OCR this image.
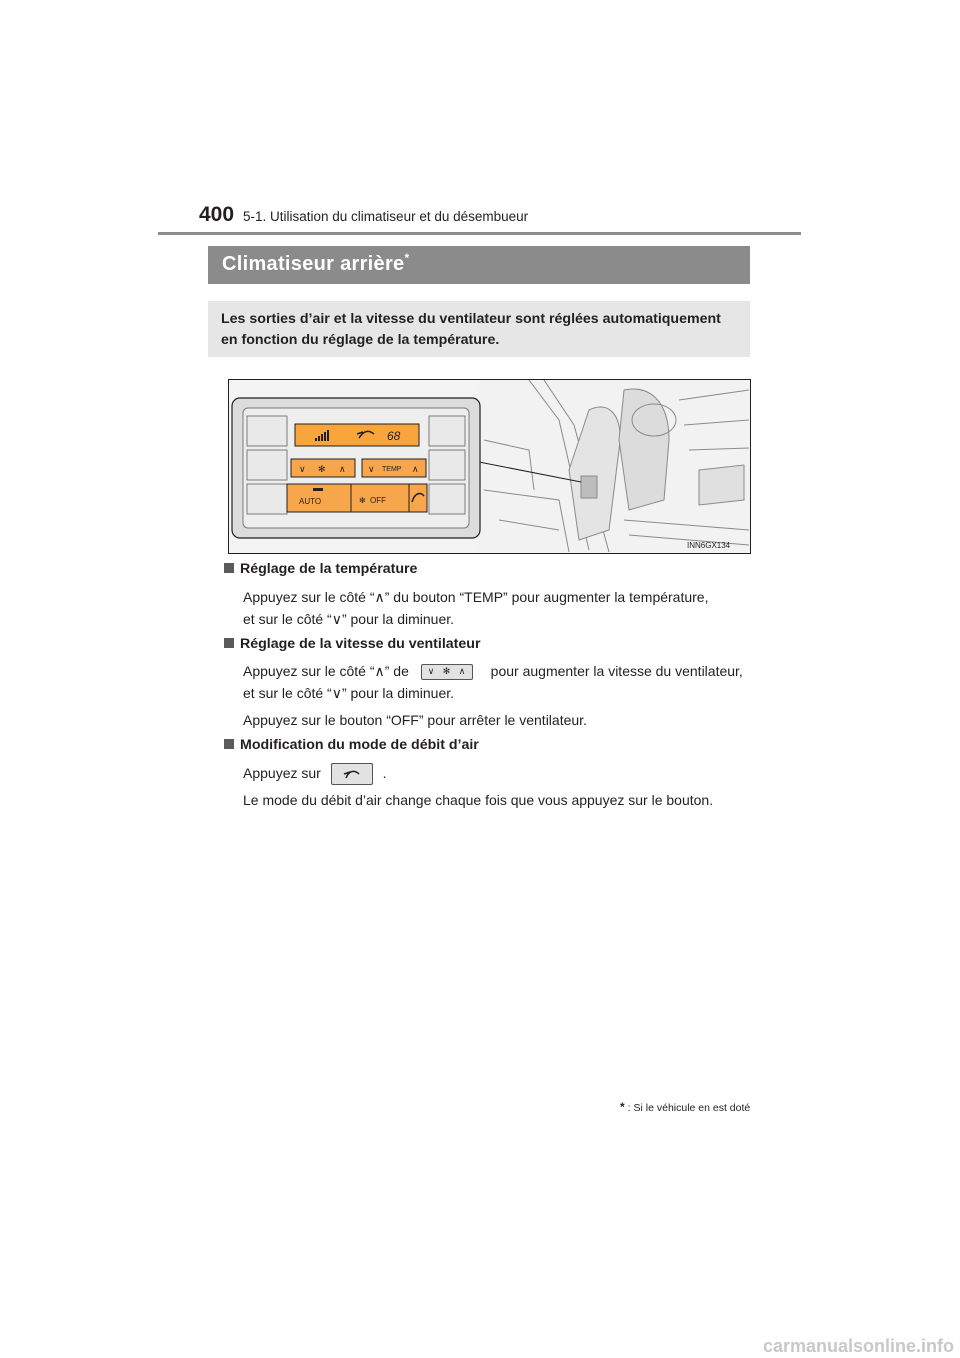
400 5-1. Utilisation du climatiseur et du désembueur
Climatiseur arrière*
Les sorties d’air et la vitesse du ventilateur sont réglées automatiquement en fonction du réglage de la température.
68
∨ ✻ ∧ ∨ TEMP ∧
AUTO	✻ OFF
INN6GX134
Réglage de la température
Appuyez sur le côté “∧” du bouton “TEMP” pour augmenter la température,
et sur le côté “∨” pour la diminuer.
Réglage de la vitesse du ventilateur
Appuyez sur le côté “∧” de ∨ ✻ ∧ pour augmenter la vitesse du ventilateur,
et sur le côté “∨” pour la diminuer.
Appuyez sur le bouton “OFF” pour arrêter le ventilateur.
Modification du mode de débit d’air
Appuyez sur	.
Le mode du débit d’air change chaque fois que vous appuyez sur le bouton.
* : Si le véhicule en est doté
carmanualsonline.info
